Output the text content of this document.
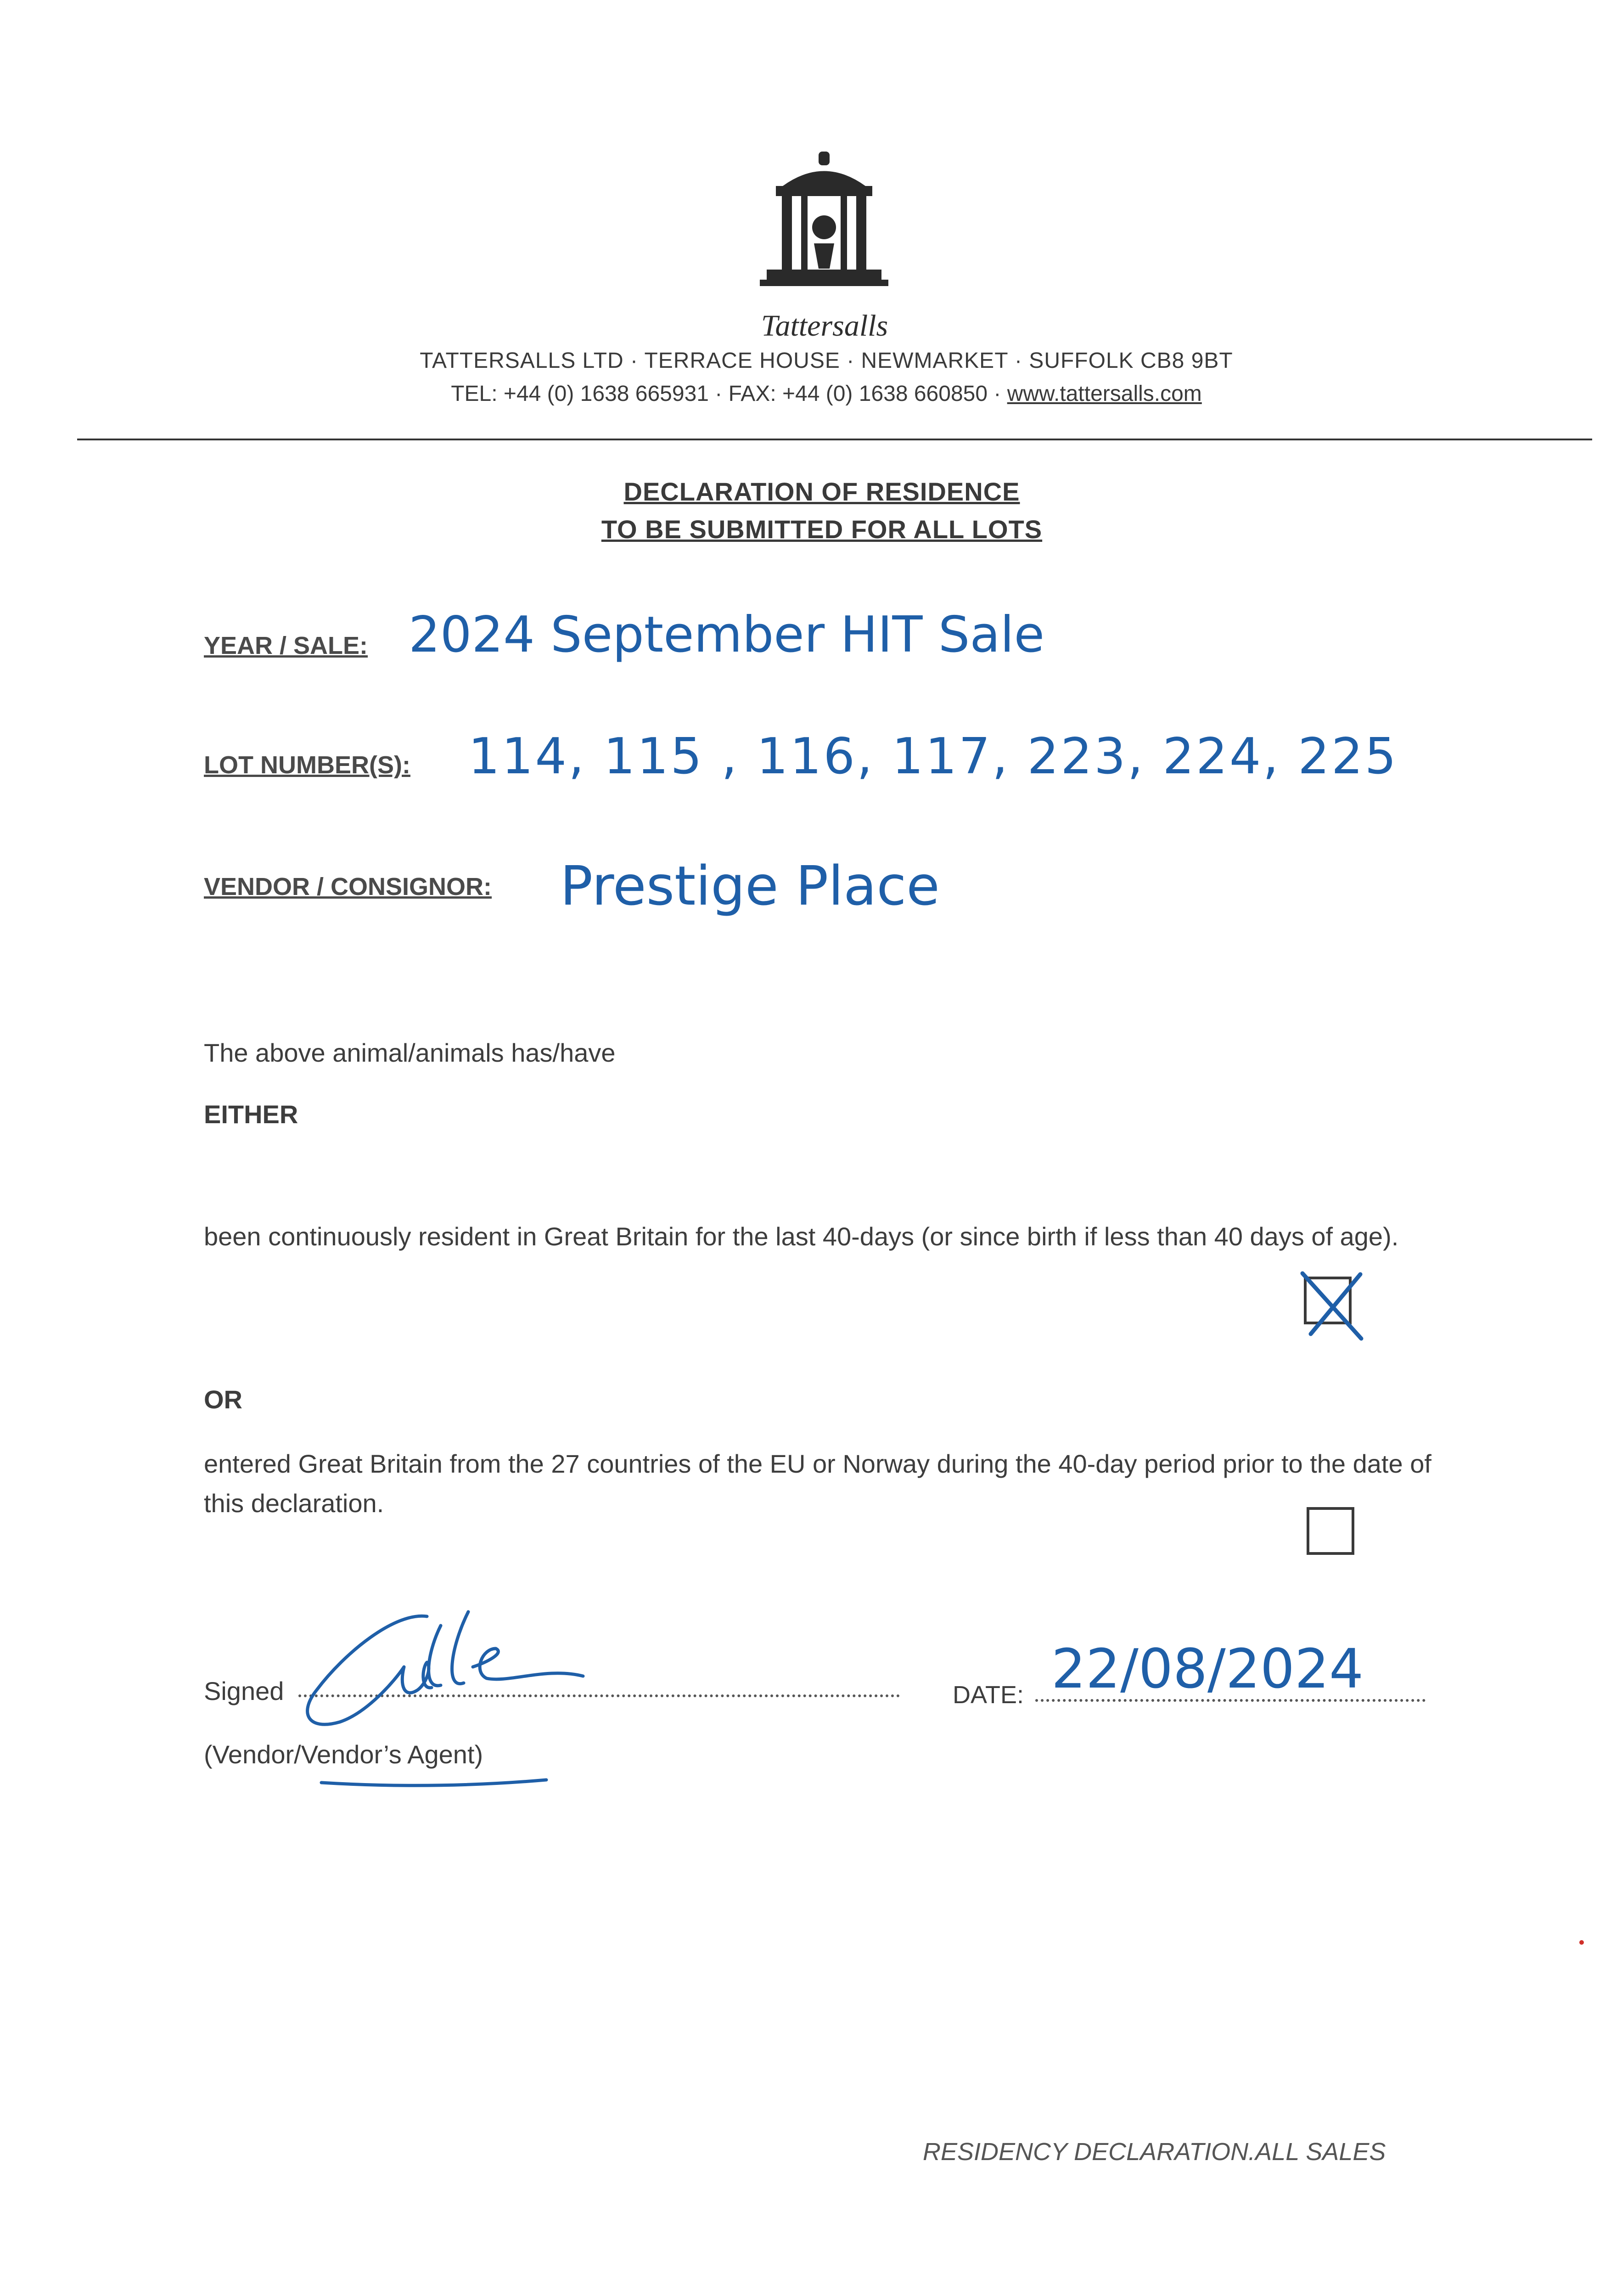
Tattersalls
TATTERSALLS LTD · TERRACE HOUSE · NEWMARKET · SUFFOLK CB8 9BT
TEL: +44 (0) 1638 665931 · FAX: +44 (0) 1638 660850 · www.tattersalls.com
DECLARATION OF RESIDENCE
TO BE SUBMITTED FOR ALL LOTS
YEAR / SALE: 2024 September HIT Sale
LOT NUMBER(S): 114, 115 , 116, 117, 223, 224, 225
VENDOR / CONSIGNOR: Prestige Place
The above animal/animals has/have
EITHER
been continuously resident in Great Britain for the last 40-days (or since birth if less than 40 days of age).
OR
entered Great Britain from the 27 countries of the EU or Norway during the 40-day period prior to the date of this declaration.
Signed	DATE: 22/08/2024
(Vendor/Vendor’s Agent)
RESIDENCY DECLARATION.ALL SALES
